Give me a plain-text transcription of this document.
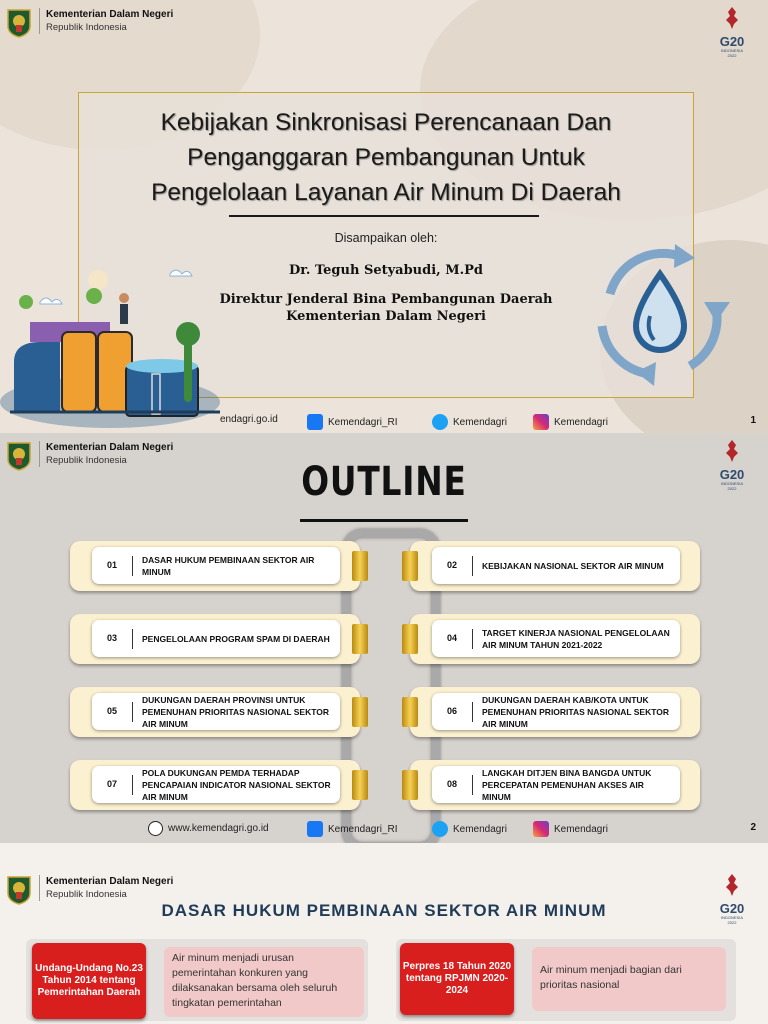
Kementerian Dalam Negeri
Republik Indonesia
G20
INDONESIA
2022
Kebijakan Sinkronisasi Perencanaan Dan
Penganggaran Pembangunan Untuk
Pengelolaan Layanan Air Minum Di Daerah
Disampaikan oleh:
Dr. Teguh Setyabudi, M.Pd
Direktur Jenderal Bina Pembangunan Daerah
Kementerian Dalam Negeri
endagri.go.id	Kemendagri_RI	Kemendagri	Kemendagri	1
Kementerian Dalam Negeri
Republik Indonesia
G20
INDONESIA
2022
OUTLINE
01
DASAR HUKUM PEMBINAAN SEKTOR AIR MINUM
02	KEBIJAKAN NASIONAL SEKTOR AIR MINUM
03	PENGELOLAAN PROGRAM SPAM DI DAERAH	04
TARGET KINERJA NASIONAL PENGELOLAAN AIR MINUM TAHUN 2021-2022
05
DUKUNGAN DAERAH PROVINSI UNTUK PEMENUHAN PRIORITAS NASIONAL SEKTOR AIR MINUM
06
DUKUNGAN DAERAH KAB/KOTA UNTUK PEMENUHAN PRIORITAS NASIONAL SEKTOR AIR MINUM
07
POLA DUKUNGAN PEMDA TERHADAP PENCAPAIAN INDICATOR NASIONAL SEKTOR AIR MINUM
08
LANGKAH DITJEN BINA BANGDA UNTUK PERCEPATAN PEMENUHAN AKSES AIR MINUM
www.kemendagri.go.id	Kemendagri_RI	Kemendagri	Kemendagri	2
Kementerian Dalam Negeri
Republik Indonesia
G20
INDONESIA
2022
DASAR HUKUM PEMBINAAN SEKTOR AIR MINUM
Undang-Undang No.23 Tahun 2014 tentang Pemerintahan Daerah
Air minum menjadi urusan pemerintahan konkuren yang dilaksanakan bersama oleh seluruh tingkatan pemerintahan
Perpres 18 Tahun 2020 tentang RPJMN 2020-2024
Air minum menjadi bagian dari prioritas nasional
